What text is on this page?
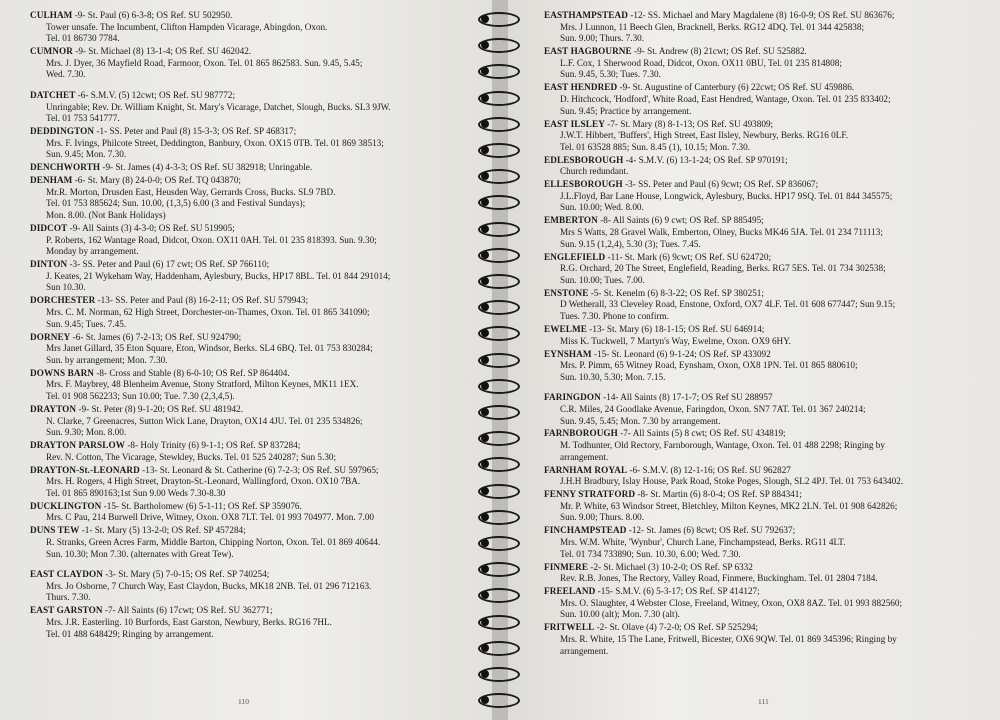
CULHAM -9- St. Paul (6) 6-3-8; OS Ref. SU 502950.
Tower unsafe. The Incumbent, Clifton Hampden Vicarage, Abingdon, Oxon.
Tel. 01 86730 7784.
CUMNOR -9- St. Michael (8) 13-1-4; OS Ref. SU 462042.
Mrs. J. Dyer, 36 Mayfield Road, Farmoor, Oxon. Tel. 01 865 862583. Sun. 9.45, 5.45;
Wed. 7.30.
DATCHET -6- S.M.V. (5) 12cwt; OS Ref. SU 987772;
Unringable; Rev. Dr. William Knight, St. Mary's Vicarage, Datchet, Slough, Bucks. SL3 9JW.
Tel. 01 753 541777.
DEDDINGTON -1- SS. Peter and Paul (8) 15-3-3; OS Ref. SP 468317;
Mrs. F. Ivings, Philcote Street, Deddington, Banbury, Oxon. OX15 0TB. Tel. 01 869 38513;
Sun. 9.45; Mon. 7.30.
DENCHWORTH -9- St. James (4) 4-3-3; OS Ref. SU 382918; Unringable.
DENHAM -6- St. Mary (8) 24-0-0; OS Ref. TQ 043870;
Mr.R. Morton, Drusden East, Heusden Way, Gerrards Cross, Bucks. SL9 7BD.
Tel. 01 753 885624; Sun. 10.00, (1,3,5) 6.00 (3 and Festival Sundays);
Mon. 8.00. (Not Bank Holidays)
DIDCOT -9- All Saints (3) 4-3-0; OS Ref. SU 519905;
P. Roberts, 162 Wantage Road, Didcot, Oxon. OX11 0AH. Tel. 01 235 818393. Sun. 9.30;
Monday by arrangement.
DINTON -3- SS. Peter and Paul (6) 17 cwt; OS Ref. SP 766110;
J. Keates, 21 Wykeham Way, Haddenham, Aylesbury, Bucks, HP17 8BL. Tel. 01 844 291014;
Sun 10.30.
DORCHESTER -13- SS. Peter and Paul (8) 16-2-11; OS Ref. SU 579943;
Mrs. C. M. Norman, 62 High Street, Dorchester-on-Thames, Oxon. Tel. 01 865 341090;
Sun. 9.45; Tues. 7.45.
DORNEY -6- St. James (6) 7-2-13; OS Ref. SU 924790;
Mrs Janet Gillard, 35 Eton Square, Eton, Windsor, Berks. SL4 6BQ. Tel. 01 753 830284;
Sun. by arrangement; Mon. 7.30.
DOWNS BARN -8- Cross and Stable (8) 6-0-10; OS Ref. SP 864404.
Mrs. F. Maybrey, 48 Blenheim Avenue, Stony Stratford, Milton Keynes, MK11 1EX.
Tel. 01 908 562233; Sun 10.00; Tue. 7.30 (2,3,4,5).
DRAYTON -9- St. Peter (8) 9-1-20; OS Ref. SU 481942.
N. Clarke, 7 Greenacres, Sutton Wick Lane, Drayton, OX14 4JU. Tel. 01 235 534826;
Sun. 9.30; Mon. 8.00.
DRAYTON PARSLOW -8- Holy Trinity (6) 9-1-1; OS Ref. SP 837284;
Rev. N. Cotton, The Vicarage, Stewkley, Bucks. Tel. 01 525 240287; Sun 5.30;
DRAYTON-St.-LEONARD -13- St. Leonard & St. Catherine (6) 7-2-3; OS Ref. SU 597965;
Mrs. H. Rogers, 4 High Street, Drayton-St.-Leonard, Wallingford, Oxon. OX10 7BA.
Tel. 01 865 890163;1st Sun 9.00 Weds 7.30-8.30
DUCKLINGTON -15- St. Bartholomew (6) 5-1-11; OS Ref. SP 359076.
Mrs. C Pau, 214 Burwell Drive, Witney, Oxon. OX8 7LT. Tel. 01 993 704977. Mon. 7.00
DUNS TEW -1- St. Mary (5) 13-2-0; OS Ref. SP 457284;
R. Stranks, Green Acres Farm, Middle Barton, Chipping Norton, Oxon. Tel. 01 869 40644.
Sun. 10.30; Mon 7.30. (alternates with Great Tew).
EAST CLAYDON -3- St. Mary (5) 7-0-15; OS Ref. SP 740254;
Mrs. Jo Osborne, 7 Church Way, East Claydon, Bucks, MK18 2NB. Tel. 01 296 712163.
Thurs. 7.30.
EAST GARSTON -7- All Saints (6) 17cwt; OS Ref. SU 362771;
Mrs. J.R. Easterling. 10 Burfords, East Garston, Newbury, Berks. RG16 7HL.
Tel. 01 488 648429; Ringing by arrangement.
110
EASTHAMPSTEAD -12- SS. Michael and Mary Magdalene (8) 16-0-9; OS Ref. SU 863676;
Mrs. J Lunnon, 11 Beech Glen, Bracknell, Berks. RG12 4DQ. Tel. 01 344 425838;
Sun. 9.00; Thurs. 7.30.
EAST HAGBOURNE -9- St. Andrew (8) 21cwt; OS Ref. SU 525882.
L.F. Cox, 1 Sherwood Road, Didcot, Oxon. OX11 0BU, Tel. 01 235 814808;
Sun. 9.45, 5.30; Tues. 7.30.
EAST HENDRED -9- St. Augustine of Canterbury (6) 22cwt; OS Ref. SU 459886.
D. Hitchcock, 'Hodford', White Road, East Hendred, Wantage, Oxon. Tel. 01 235 833402;
Sun. 9.45; Practice by arrangement.
EAST ILSLEY -7- St. Mary (8) 8-1-13; OS Ref. SU 493809;
J.W.T. Hibbert, 'Buffers', High Street, East Ilsley, Newbury, Berks. RG16 0LF.
Tel. 01 63528 885; Sun. 8.45 (1), 10.15; Mon. 7.30.
EDLESBOROUGH -4- S.M.V. (6) 13-1-24; OS Ref. SP 970191;
Church redundant.
ELLESBOROUGH -3- SS. Peter and Paul (6) 9cwt; OS Ref. SP 836067;
J.L.Floyd, Bar Lane House, Longwick, Aylesbury, Bucks. HP17 9SQ. Tel. 01 844 345575;
Sun. 10.00; Wed. 8.00.
EMBERTON -8- All Saints (6) 9 cwt; OS Ref. SP 885495;
Mrs S Watts, 28 Gravel Walk, Emberton, Olney, Bucks MK46 5JA. Tel. 01 234 711113;
Sun. 9.15 (1,2,4), 5.30 (3); Tues. 7.45.
ENGLEFIELD -11- St. Mark (6) 9cwt; OS Ref. SU 624720;
R.G. Orchard, 20 The Street, Englefield, Reading, Berks. RG7 5ES. Tel. 01 734 302538;
Sun. 10.00; Tues. 7.00.
ENSTONE -5- St. Kenelm (6) 8-3-22; OS Ref. SP 380251;
D Wetherall, 33 Cleveley Road, Enstone, Oxford, OX7 4LF. Tel. 01 608 677447; Sun 9.15;
Tues. 7.30. Phone to confirm.
EWELME -13- St. Mary (6) 18-1-15; OS Ref. SU 646914;
Miss K. Tuckwell, 7 Martyn's Way, Ewelme, Oxon. OX9 6HY.
EYNSHAM -15- St. Leonard (6) 9-1-24; OS Ref. SP 433092
Mrs. P. Pimm, 65 Witney Road, Eynsham, Oxon, OX8 1PN. Tel. 01 865 880610;
Sun. 10.30, 5.30; Mon. 7.15.
FARINGDON -14- All Saints (8) 17-1-7; OS Ref SU 288957
C.R. Miles, 24 Goodlake Avenue, Faringdon, Oxon. SN7 7AT. Tel. 01 367 240214;
Sun. 9.45, 5.45; Mon. 7.30 by arrangement.
FARNBOROUGH -7- All Saints (5) 8 cwt; OS Ref. SU 434819;
M. Todhunter, Old Rectory, Farnborough, Wantage, Oxon. Tel. 01 488 2298; Ringing by
arrangement.
FARNHAM ROYAL -6- S.M.V. (8) 12-1-16; OS Ref. SU 962827
J.H.H Bradbury, Islay House, Park Road, Stoke Poges, Slough, SL2 4PJ. Tel. 01 753 643402.
FENNY STRATFORD -8- St. Martin (6) 8-0-4; OS Ref. SP 884341;
Mr. P. White, 63 Windsor Street, Bletchley, Milton Keynes, MK2 2LN. Tel. 01 908 642826;
Sun. 9.00; Thurs. 8.00.
FINCHAMPSTEAD -12- St. James (6) 8cwt; OS Ref. SU 792637;
Mrs. W.M. White, 'Wynbur', Church Lane, Finchampstead, Berks. RG11 4LT.
Tel. 01 734 733890; Sun. 10.30, 6.00; Wed. 7.30.
FINMERE -2- St. Michael (3) 10-2-0; OS Ref. SP 6332
Rev. R.B. Jones, The Rectory, Valley Road, Finmere, Buckingham. Tel. 01 2804 7184.
FREELAND -15- S.M.V. (6) 5-3-17; OS Ref. SP 414127;
Mrs. O. Slaughter, 4 Webster Close, Freeland, Witney, Oxon, OX8 8AZ. Tel. 01 993 882560;
Sun. 10.00 (alt); Mon. 7.30 (alt).
FRITWELL -2- St. Olave (4) 7-2-0; OS Ref. SP 525294;
Mrs. R. White, 15 The Lane, Fritwell, Bicester, OX6 9QW. Tel. 01 869 345396; Ringing by
arrangement.
111
